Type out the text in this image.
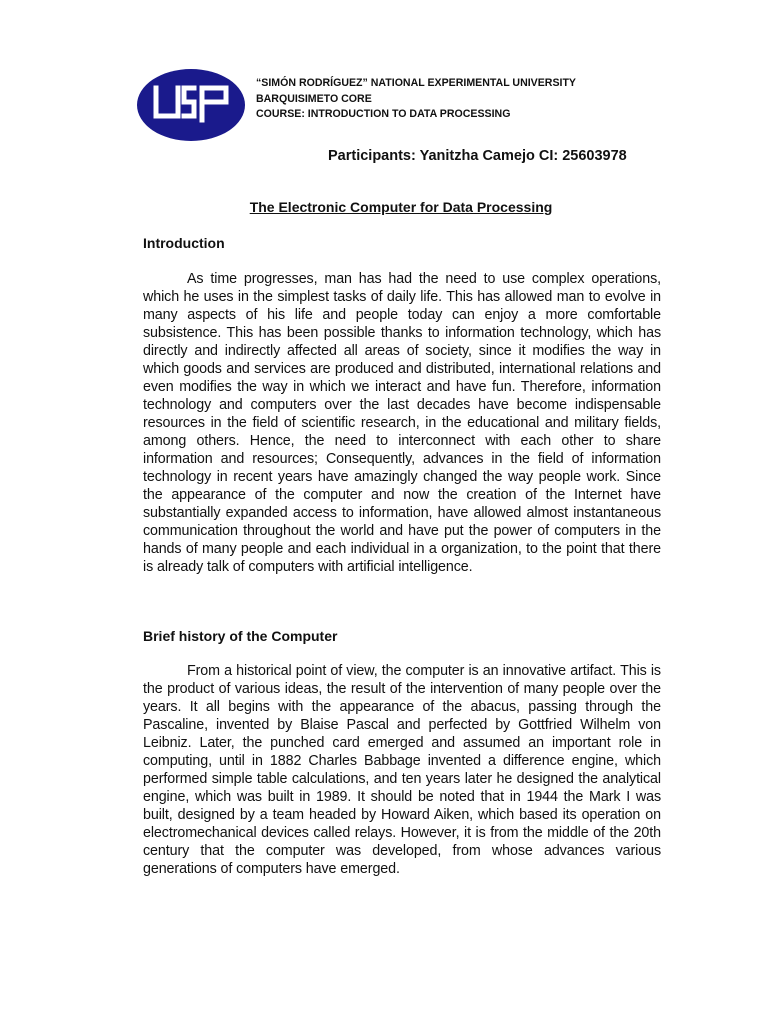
“SIMÓN RODRÍGUEZ” NATIONAL EXPERIMENTAL UNIVERSITY
BARQUISIMETO CORE
COURSE: INTRODUCTION TO DATA PROCESSING
Participants: Yanitzha Camejo CI: 25603978
The Electronic Computer for Data Processing
Introduction

As time progresses, man has had the need to use complex operations, which he uses in the simplest tasks of daily life. This has allowed man to evolve in many aspects of his life and people today can enjoy a more comfortable subsistence. This has been possible thanks to information technology, which has directly and indirectly affected all areas of society, since it modifies the way in which goods and services are produced and distributed, international relations and even modifies the way in which we interact and have fun. Therefore, information technology and computers over the last decades have become indispensable resources in the field of scientific research, in the educational and military fields, among others. Hence, the need to interconnect with each other to share information and resources; Consequently, advances in the field of information technology in recent years have amazingly changed the way people work. Since the appearance of the computer and now the creation of the Internet have substantially expanded access to information, have allowed almost instantaneous communication throughout the world and have put the power of computers in the hands of many people and each individual in a organization, to the point that there is already talk of computers with artificial intelligence.

Brief history of the Computer

From a historical point of view, the computer is an innovative artifact. This is the product of various ideas, the result of the intervention of many people over the years. It all begins with the appearance of the abacus, passing through the Pascaline, invented by Blaise Pascal and perfected by Gottfried Wilhelm von Leibniz. Later, the punched card emerged and assumed an important role in computing, until in 1882 Charles Babbage invented a difference engine, which performed simple table calculations, and ten years later he designed the analytical engine, which was built in 1989. It should be noted that in 1944 the Mark I was built, designed by a team headed by Howard Aiken, which based its operation on electromechanical devices called relays. However, it is from the middle of the 20th century that the computer was developed, from whose advances various generations of computers have emerged.
